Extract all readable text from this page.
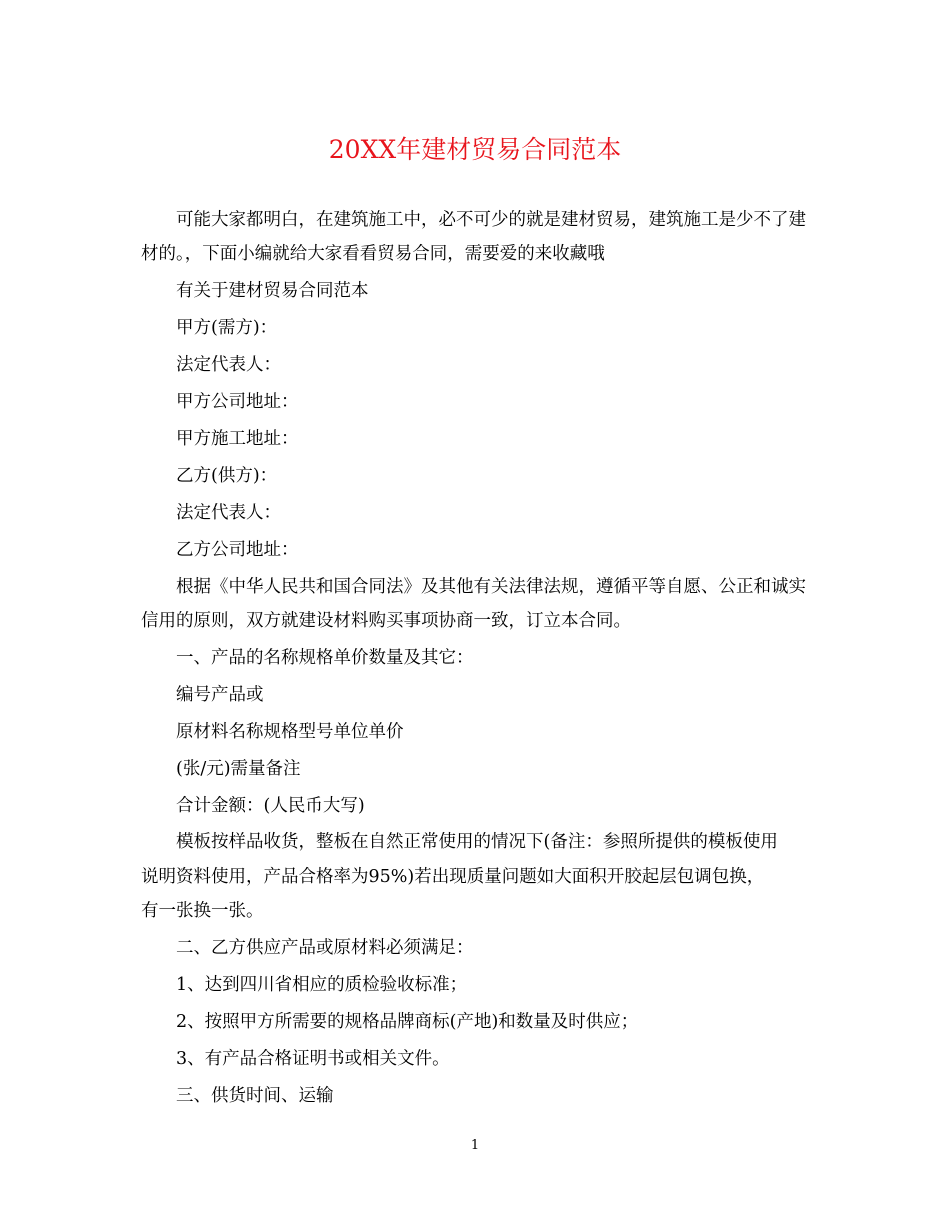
20XX年建材贸易合同范本

可能大家都明白，在建筑施工中，必不可少的就是建材贸易，建筑施工是少不了建材的。，下面小编就给大家看看贸易合同，需要爱的来收藏哦

有关于建材贸易合同范本

甲方(需方)：

法定代表人：

甲方公司地址：

甲方施工地址：

乙方(供方)：

法定代表人：

乙方公司地址：

根据《中华人民共和国合同法》及其他有关法律法规，遵循平等自愿、公正和诚实信用的原则，双方就建设材料购买事项协商一致，订立本合同。

一、产品的名称规格单价数量及其它：

编号产品或

原材料名称规格型号单位单价

(张/元)需量备注

合计金额：(人民币大写)

模板按样品收货，整板在自然正常使用的情况下(备注：参照所提供的模板使用说明资料使用，产品合格率为95%)若出现质量问题如大面积开胶起层包调包换，有一张换一张。

二、乙方供应产品或原材料必须满足：

1、达到四川省相应的质检验收标准；

2、按照甲方所需要的规格品牌商标(产地)和数量及时供应；

3、有产品合格证明书或相关文件。

三、供货时间、运输

1
